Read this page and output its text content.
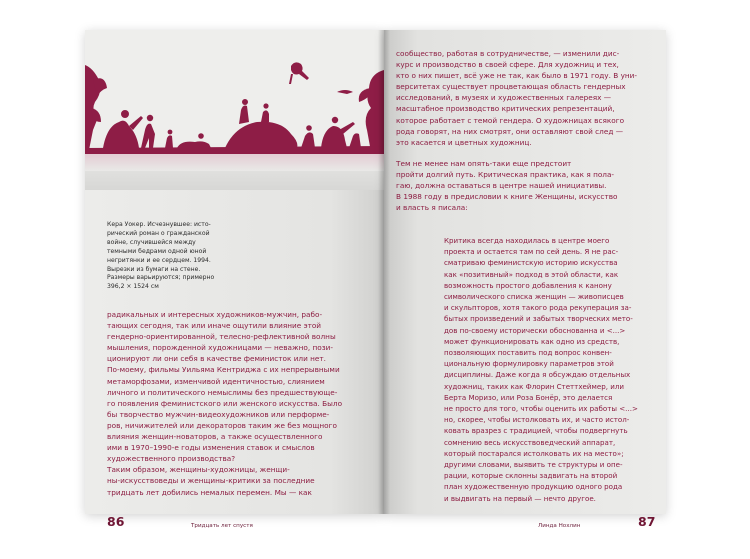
Кера Уокер. Исчезнувшее: исто-
рический роман о гражданской
войне, случившейся между
темными бедрами одной юной
негритянки и ее сердцем. 1994.
Вырезки из бумаги на стене.
Размеры варьируются; примерно
396,2 × 1524 см
радикальных и интересных художников-мужчин, рабо-
тающих сегодня, так или иначе ощутили влияние этой
гендерно-ориентированной, телесно-рефлективной волны
мышления, порожденной художницами — неважно, пози-
ционируют ли они себя в качестве феминисток или нет.
По-моему, фильмы Уильяма Кентриджа с их непрерывными
метаморфозами, изменчивой идентичностью, слиянием
личного и политического немыслимы без предшествующе-
го появления феминистского или женского искусства. Было
бы творчество мужчин-видеохудожников или перформе-
ров, ничижителей или декораторов таким же без мощного
влияния женщин-новаторов, а также осуществленного
ими в 1970–1990-е годы изменения ставок и смыслов
художественного производства?
Таким образом, женщины-художницы, женщи-
ны-искусствоведы и женщины-критики за последние
тридцать лет добились немалых перемен. Мы — как
86	Тридцать лет спустя
сообщество, работая в сотрудничестве, — изменили дис-
курс и производство в своей сфере. Для художниц и тех,
кто о них пишет, всё уже не так, как было в 1971 году. В уни-
верситетах существует процветающая область гендерных
исследований, в музеях и художественных галереях —
масштабное производство критических репрезентаций,
которое работает с темой гендера. О художницах всякого
рода говорят, на них смотрят, они оставляют свой след —
это касается и цветных художниц.
Тем не менее нам опять-таки еще предстоит
пройти долгий путь. Критическая практика, как я пола-
гаю, должна оставаться в центре нашей инициативы.
В 1988 году в предисловии к книге Женщины, искусство
и власть я писала:
Критика всегда находилась в центре моего
проекта и остается там по сей день. Я не рас-
сматриваю феминистскую историю искусства
как «позитивный» подход в этой области, как
возможность простого добавления к канону
символического списка женщин — живописцев
и скульпторов, хотя такого рода рекуперация за-
бытых произведений и забытых творческих мето-
дов по-своему исторически обоснованна и <...>
может функционировать как одно из средств,
позволяющих поставить под вопрос конвен-
циональную формулировку параметров этой
дисциплины. Даже когда я обсуждаю отдельных
художниц, таких как Флорин Стеттхеймер, или
Берта Моризо, или Роза Бонёр, это делается
не просто для того, чтобы оценить их работы <...>
но, скорее, чтобы истолковать их, и часто истол-
ковать вразрез с традицией, чтобы подвергнуть
сомнению весь искусствоведческий аппарат,
который постарался истолковать их на место»;
другими словами, выявить те структуры и опе-
рации, которые склонны задвигать на второй
план художественную продукцию одного рода
и выдвигать на первый — нечто другое.
Линда Нохлин	87
